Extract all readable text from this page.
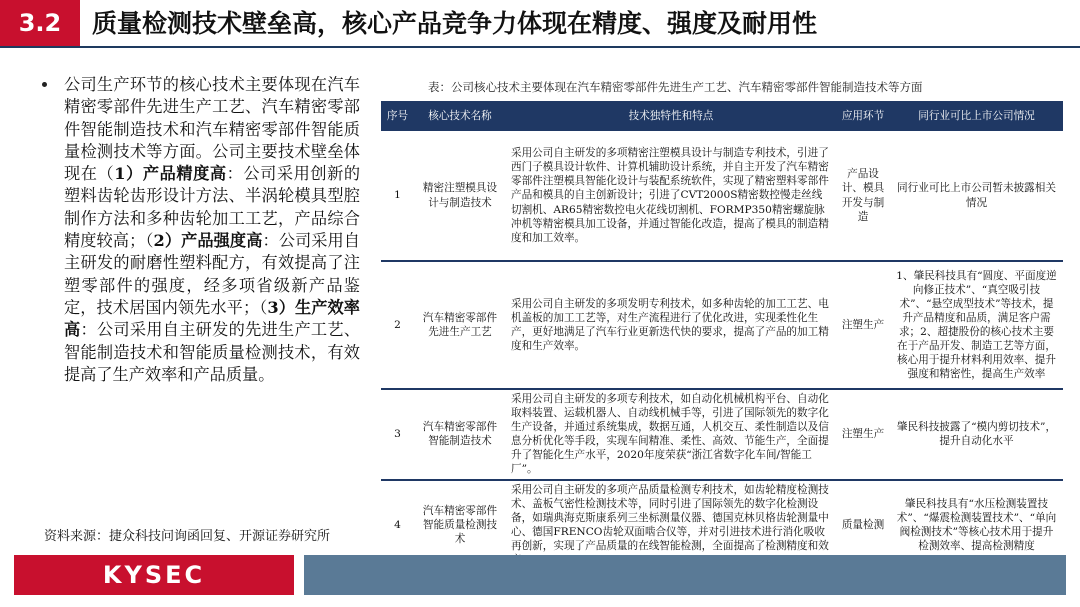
3.2	质量检测技术壁垒高，核心产品竞争力体现在精度、强度及耐用性

公司生产环节的核心技术主要体现在汽车精密零部件先进生产工艺、汽车精密零部件智能制造技术和汽车精密零部件智能质量检测技术等方面。公司主要技术壁垒体现在（1）产品精度高：公司采用创新的塑料齿轮齿形设计方法、半涡轮模具型腔制作方法和多种齿轮加工工艺，产品综合精度较高；（2）产品强度高：公司采用自主研发的耐磨性塑料配方，有效提高了注塑零部件的强度，经多项省级新产品鉴定，技术居国内领先水平；（3）生产效率高：公司采用自主研发的先进生产工艺、智能制造技术和智能质量检测技术，有效提高了生产效率和产品质量。

资料来源：捷众科技问询函回复、开源证券研究所
表：公司核心技术主要体现在汽车精密零部件先进生产工艺、汽车精密零部件智能制造技术等方面
序号	核心技术名称	技术独特性和特点	应用环节	同行业可比上市公司情况
1	精密注塑模具设计与制造技术	采用公司自主研发的多项精密注塑模具设计与制造专利技术，引进了西门子模具设计软件、计算机辅助设计系统，并自主开发了汽车精密零部件注塑模具智能化设计与装配系统软件，实现了精密塑料零部件产品和模具的自主创新设计；引进了CVT2000S精密数控慢走丝线切割机、AR65精密数控电火花线切割机、FORMP350精密螺旋脉冲机等精密模具加工设备，并通过智能化改造，提高了模具的制造精度和加工效率。	产品设计、模具开发与制造	同行业可比上市公司暂未披露相关情况
2	汽车精密零部件先进生产工艺	采用公司自主研发的多项发明专利技术，如多种齿轮的加工工艺、电机盖板的加工工艺等，对生产流程进行了优化改进，实现柔性化生产，更好地满足了汽车行业更新迭代快的要求，提高了产品的加工精度和生产效率。	注塑生产	1、肇民科技具有“圆度、平面度逆向修正技术”、“真空吸引技术”、“悬空成型技术”等技术，提升产品精度和品质，满足客户需求；2、超捷股份的核心技术主要在于产品开发、制造工艺等方面，核心用于提升材料利用效率、提升强度和精密性，提高生产效率
3	汽车精密零部件智能制造技术	采用公司自主研发的多项专利技术，如自动化机械机构平台、自动化取料装置、运载机器人、自动线机械手等，引进了国际领先的数字化生产设备，并通过系统集成，数据互通，人机交互、柔性制造以及信息分析优化等手段，实现车间精准、柔性、高效、节能生产，全面提升了智能化生产水平，2020年度荣获“浙江省数字化车间/智能工厂”。	注塑生产	肇民科技披露了“模内剪切技术”，提升自动化水平
4	汽车精密零部件智能质量检测技术	采用公司自主研发的多项产品质量检测专利技术，如齿轮精度检测技术、盖板气密性检测技术等，同时引进了国际领先的数字化检测设备，如瑞典海克斯康系列三坐标测量仪器、德国克林贝格齿轮测量中心、德国FRENCO齿轮双面啮合仪等，并对引进技术进行消化吸收再创新，实现了产品质量的在线智能检测，全面提高了检测精度和效	质量检测	肇民科技具有“水压检测装置技术”、“爆震检测装置技术”、“单向阀检测技术”等核心技术用于提升检测效率、提高检测精度
KYSEC
